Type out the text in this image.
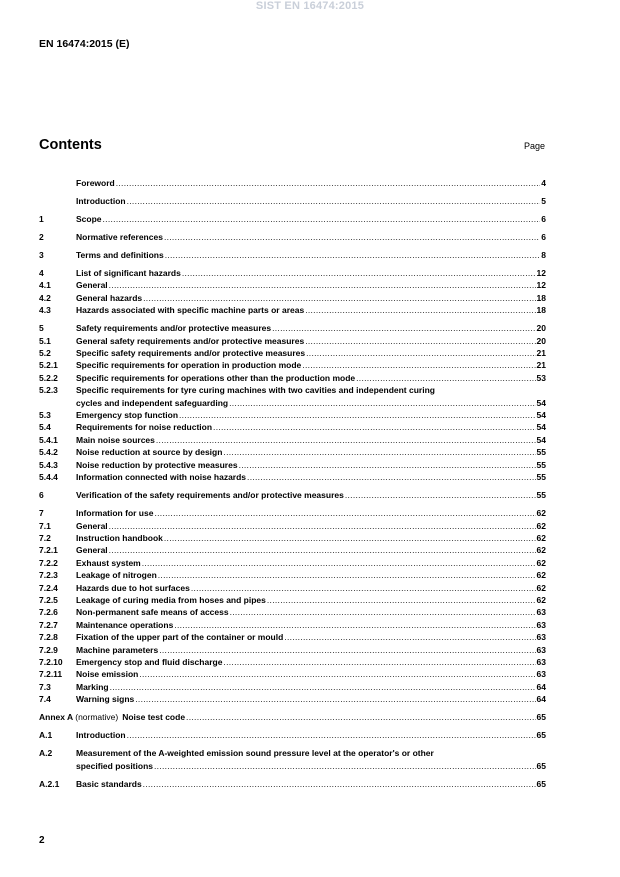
SIST EN 16474:2015
EN 16474:2015 (E)
Contents	Page
Foreword .....	4
Introduction .....	5
1	Scope .....	6
2	Normative references .....	6
3	Terms and definitions .....	8
4	List of significant hazards .....	12
4.1	General .....	12
4.2	General hazards .....	18
4.3	Hazards associated with specific machine parts or areas .....	18
5	Safety requirements and/or protective measures .....	20
5.1	General safety requirements and/or protective measures .....	20
5.2	Specific safety requirements and/or protective measures .....	21
5.2.1	Specific requirements for operation in production mode .....	21
5.2.2	Specific requirements for operations other than the production mode .....	53
5.2.3	Specific requirements for tyre curing machines with two cavities and independent curing
cycles and independent safeguarding .....	54
5.3	Emergency stop function .....	54
5.4	Requirements for noise reduction .....	54
5.4.1	Main noise sources .....	54
5.4.2	Noise reduction at source by design .....	55
5.4.3	Noise reduction by protective measures .....	55
5.4.4	Information connected with noise hazards .....	55
6	Verification of the safety requirements and/or protective measures .....	55
7	Information for use .....	62
7.1	General .....	62
7.2	Instruction handbook .....	62
7.2.1	General .....	62
7.2.2	Exhaust system .....	62
7.2.3	Leakage of nitrogen .....	62
7.2.4	Hazards due to hot surfaces .....	62
7.2.5	Leakage of curing media from hoses and pipes .....	62
7.2.6	Non-permanent safe means of access .....	63
7.2.7	Maintenance operations .....	63
7.2.8	Fixation of the upper part of the container or mould .....	63
7.2.9	Machine parameters .....	63
7.2.10	Emergency stop and fluid discharge .....	63
7.2.11	Noise emission .....	63
7.3	Marking .....	64
7.4	Warning signs .....	64
Annex A (normative) Noise test code .....	65
A.1	Introduction .....	65
A.2	Measurement of the A-weighted emission sound pressure level at the operator's or other
specified positions .....	65
A.2.1	Basic standards .....	65
2
